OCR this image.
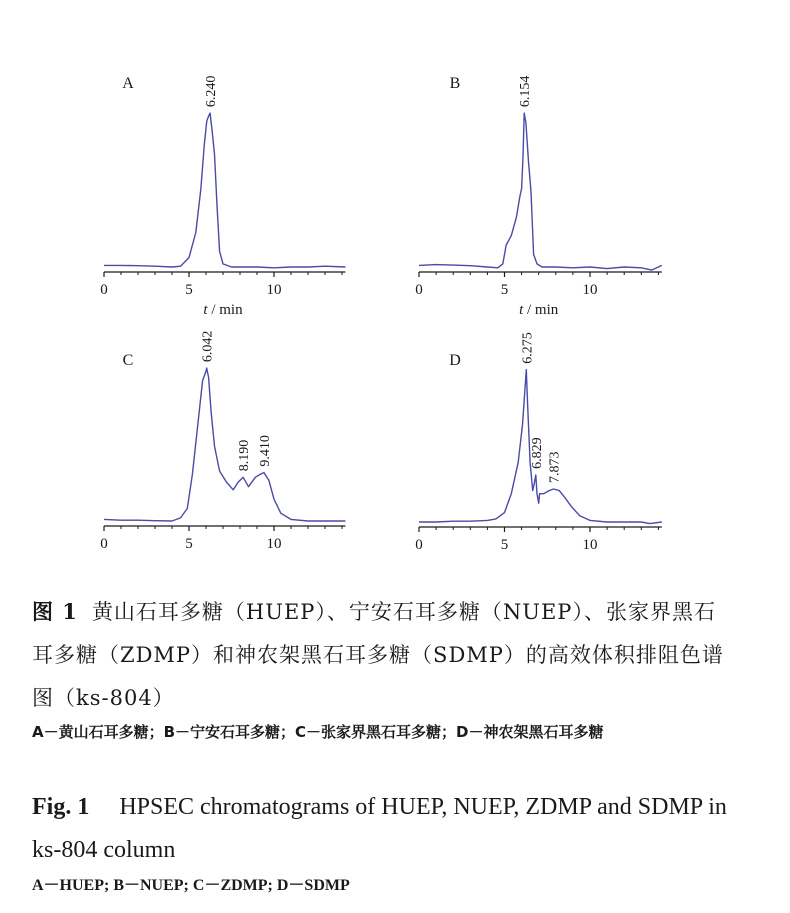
0	5	10
t / min
A	6.240
0	5	10
t / min
B	6.154
0	5	10
C	6.042
8.190 9.410
0	5	10
D	6.275
6.829 7.873
图 1 黄山石耳多糖（HUEP）、宁安石耳多糖（NUEP）、张家界黑石耳多糖（ZDMP）和神农架黑石耳多糖（SDMP）的高效体积排阻色谱图（ks-804）
A－黄山石耳多糖；B－宁安石耳多糖；C－张家界黑石耳多糖；D－神农架黑石耳多糖
Fig. 1 HPSEC chromatograms of HUEP, NUEP, ZDMP and SDMP in ks-804 column
A－HUEP; B－NUEP; C－ZDMP; D－SDMP
